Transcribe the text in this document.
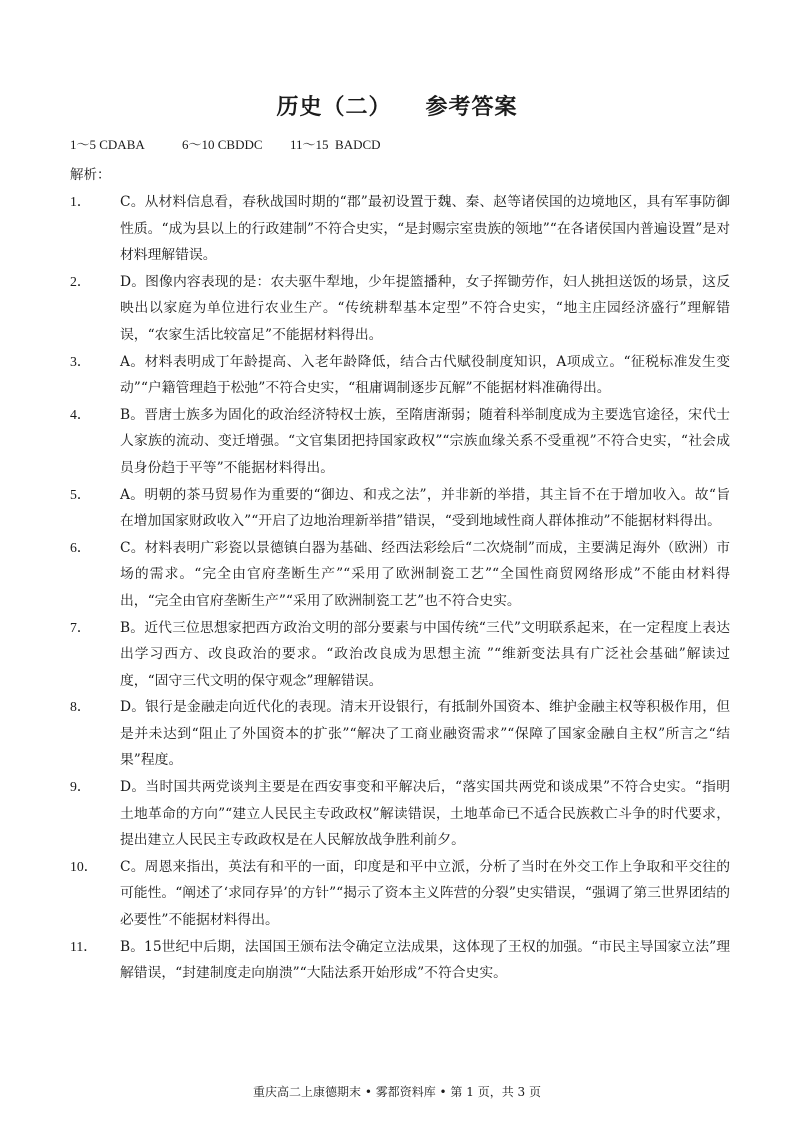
历史（二） 参考答案
1～5 CDABA	6～10 CBDDC 11～15  BADCD
解析：
1．	C。从材料信息看，春秋战国时期的“郡”最初设置于魏、秦、赵等诸侯国的边境地区，具有军事防御性质。“成为县以上的行政建制”不符合史实，“是封赐宗室贵族的领地”“在各诸侯国内普遍设置”是对材料理解错误。
2．	D。图像内容表现的是：农夫驱牛犁地，少年提篮播种，女子挥锄劳作，妇人挑担送饭的场景，这反映出以家庭为单位进行农业生产。“传统耕犁基本定型”不符合史实，“地主庄园经济盛行”理解错误，“农家生活比较富足”不能据材料得出。
3．	A。材料表明成丁年龄提高、入老年龄降低，结合古代赋役制度知识，A项成立。“征税标准发生变动”“户籍管理趋于松弛”不符合史实，“租庸调制逐步瓦解”不能据材料准确得出。
4．	B。晋唐士族多为固化的政治经济特权士族，至隋唐渐弱；随着科举制度成为主要选官途径，宋代士人家族的流动、变迁增强。“文官集团把持国家政权”“宗族血缘关系不受重视”不符合史实，“社会成员身份趋于平等”不能据材料得出。
5．	A。明朝的茶马贸易作为重要的“御边、和戎之法”，并非新的举措，其主旨不在于增加收入。故“旨在增加国家财政收入”“开启了边地治理新举措”错误，“受到地域性商人群体推动”不能据材料得出。
6．	C。材料表明广彩瓷以景德镇白器为基础、经西法彩绘后“二次烧制”而成，主要满足海外（欧洲）市场的需求。“完全由官府垄断生产”“采用了欧洲制瓷工艺”“全国性商贸网络形成”不能由材料得出，“完全由官府垄断生产”“采用了欧洲制瓷工艺”也不符合史实。
7．	B。近代三位思想家把西方政治文明的部分要素与中国传统“三代”文明联系起来，在一定程度上表达出学习西方、改良政治的要求。“政治改良成为思想主流 ”“维新变法具有广泛社会基础”解读过度，“固守三代文明的保守观念”理解错误。
8．	D。银行是金融走向近代化的表现。清末开设银行，有抵制外国资本、维护金融主权等积极作用，但是并未达到“阻止了外国资本的扩张”“解决了工商业融资需求”“保障了国家金融自主权”所言之“结果”程度。
9．	D。当时国共两党谈判主要是在西安事变和平解决后，“落实国共两党和谈成果”不符合史实。“指明土地革命的方向”“建立人民民主专政政权”解读错误，土地革命已不适合民族救亡斗争的时代要求，提出建立人民民主专政政权是在人民解放战争胜利前夕。
10．	C。周恩来指出，英法有和平的一面，印度是和平中立派，分析了当时在外交工作上争取和平交往的可能性。“阐述了‘求同存异’的方针”“揭示了资本主义阵营的分裂”史实错误，“强调了第三世界团结的必要性”不能据材料得出。
11．	B。15世纪中后期，法国国王颁布法令确定立法成果，这体现了王权的加强。“市民主导国家立法”理解错误，“封建制度走向崩溃”“大陆法系开始形成”不符合史实。
重庆高二上康德期末 • 雾都资料库 • 第 1 页，共 3 页
